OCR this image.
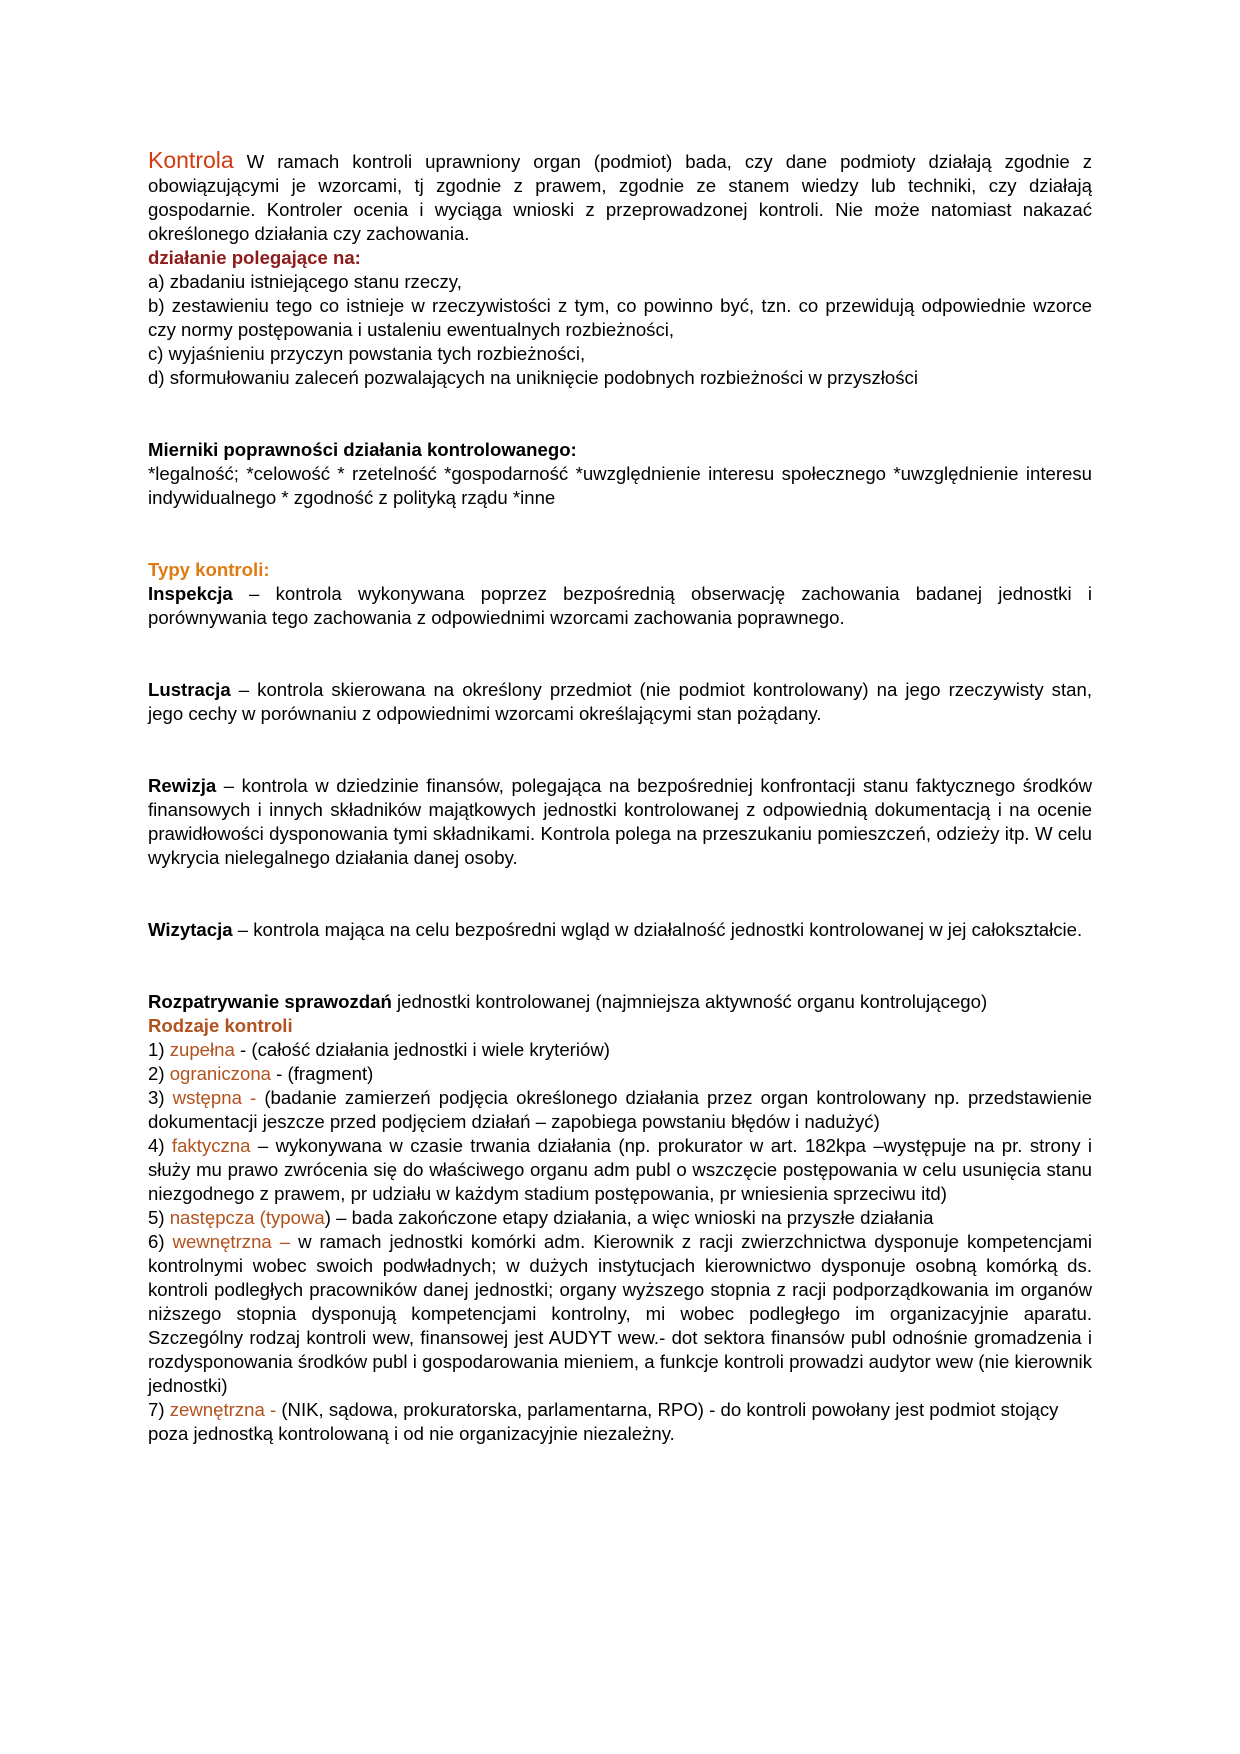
Kontrola W ramach kontroli uprawniony organ (podmiot) bada, czy dane podmioty działają zgodnie z obowiązującymi je wzorcami, tj zgodnie z prawem, zgodnie ze stanem wiedzy lub techniki, czy działają gospodarnie. Kontroler ocenia i wyciąga wnioski z przeprowadzonej kontroli. Nie może natomiast nakazać określonego działania czy zachowania.

działanie polegające na:

a) zbadaniu istniejącego stanu rzeczy,

b) zestawieniu tego co istnieje w rzeczywistości z tym, co powinno być, tzn. co przewidują odpowiednie wzorce czy normy postępowania i ustaleniu ewentualnych rozbieżności,

c) wyjaśnieniu przyczyn powstania tych rozbieżności,

d) sformułowaniu zaleceń pozwalających na uniknięcie podobnych rozbieżności w przyszłości

Mierniki poprawności działania kontrolowanego:

*legalność; *celowość * rzetelność *gospodarność *uwzględnienie interesu społecznego *uwzględnienie interesu indywidualnego * zgodność z polityką rządu *inne

Typy kontroli:

Inspekcja – kontrola wykonywana poprzez bezpośrednią obserwację zachowania badanej jednostki i porównywania tego zachowania z odpowiednimi wzorcami zachowania poprawnego.

Lustracja – kontrola skierowana na określony przedmiot (nie podmiot kontrolowany) na jego rzeczywisty stan, jego cechy w porównaniu z odpowiednimi wzorcami określającymi stan pożądany.

Rewizja – kontrola w dziedzinie finansów, polegająca na bezpośredniej konfrontacji stanu faktycznego środków finansowych i innych składników majątkowych jednostki kontrolowanej z odpowiednią dokumentacją i na ocenie prawidłowości dysponowania tymi składnikami. Kontrola polega na przeszukaniu pomieszczeń, odzieży itp. W celu wykrycia nielegalnego działania danej osoby.

Wizytacja – kontrola mająca na celu bezpośredni wgląd w działalność jednostki kontrolowanej w jej całokształcie.

Rozpatrywanie sprawozdań jednostki kontrolowanej (najmniejsza aktywność organu kontrolującego)

Rodzaje kontroli

1) zupełna - (całość działania jednostki i wiele kryteriów)

2) ograniczona - (fragment)

3) wstępna - (badanie zamierzeń podjęcia określonego działania przez organ kontrolowany np. przedstawienie dokumentacji jeszcze przed podjęciem działań – zapobiega powstaniu błędów i nadużyć)

4) faktyczna – wykonywana w czasie trwania działania (np. prokurator w art. 182kpa –występuje na pr. strony i służy mu prawo zwrócenia się do właściwego organu adm publ o wszczęcie postępowania w celu usunięcia stanu niezgodnego z prawem, pr udziału w każdym stadium postępowania, pr wniesienia sprzeciwu itd)

5) następcza (typowa) – bada zakończone etapy działania, a więc wnioski na przyszłe działania

6) wewnętrzna – w ramach jednostki komórki adm. Kierownik z racji zwierzchnictwa dysponuje kompetencjami kontrolnymi wobec swoich podwładnych; w dużych instytucjach kierownictwo dysponuje osobną komórką ds. kontroli podległych pracowników danej jednostki; organy wyższego stopnia z racji podporządkowania im organów niższego stopnia dysponują kompetencjami kontrolny, mi wobec podległego im organizacyjnie aparatu. Szczególny rodzaj kontroli wew, finansowej jest AUDYT wew.- dot sektora finansów publ odnośnie gromadzenia i rozdysponowania środków publ i gospodarowania mieniem, a funkcje kontroli prowadzi audytor wew (nie kierownik jednostki)

7) zewnętrzna - (NIK, sądowa, prokuratorska, parlamentarna, RPO) - do kontroli powołany jest podmiot stojący poza jednostką kontrolowaną i od nie organizacyjnie niezależny.
